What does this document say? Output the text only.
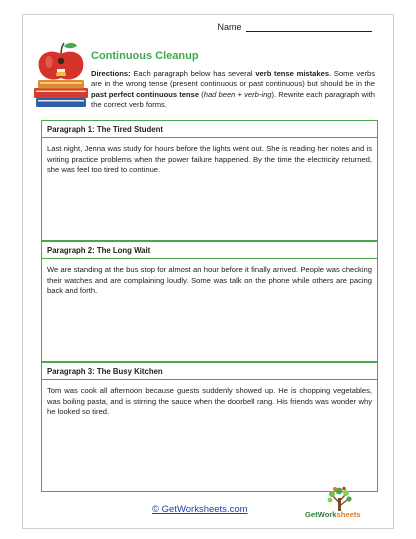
Name
Continuous Cleanup
Directions: Each paragraph below has several verb tense mistakes. Some verbs are in the wrong tense (present continuous or past continuous) but should be in the past perfect continuous tense (had been + verb-ing). Rewrite each paragraph with the correct verb forms.
Paragraph 1: The Tired Student
Last night, Jenna was study for hours before the lights went out. She is reading her notes and is writing practice problems when the power failure happened. By the time the electricity returned, she was feel too tired to continue.
Paragraph 2: The Long Wait
We are standing at the bus stop for almost an hour before it finally arrived. People was checking their watches and are complaining loudly. Some was talk on the phone while others are pacing back and forth.
Paragraph 3: The Busy Kitchen
Tom was cook all afternoon because guests suddenly showed up. He is chopping vegetables, was boiling pasta, and is stirring the sauce when the doorbell rang. His friends was wonder why he looked so tired.
© GetWorksheets.com	GetWorksheets
